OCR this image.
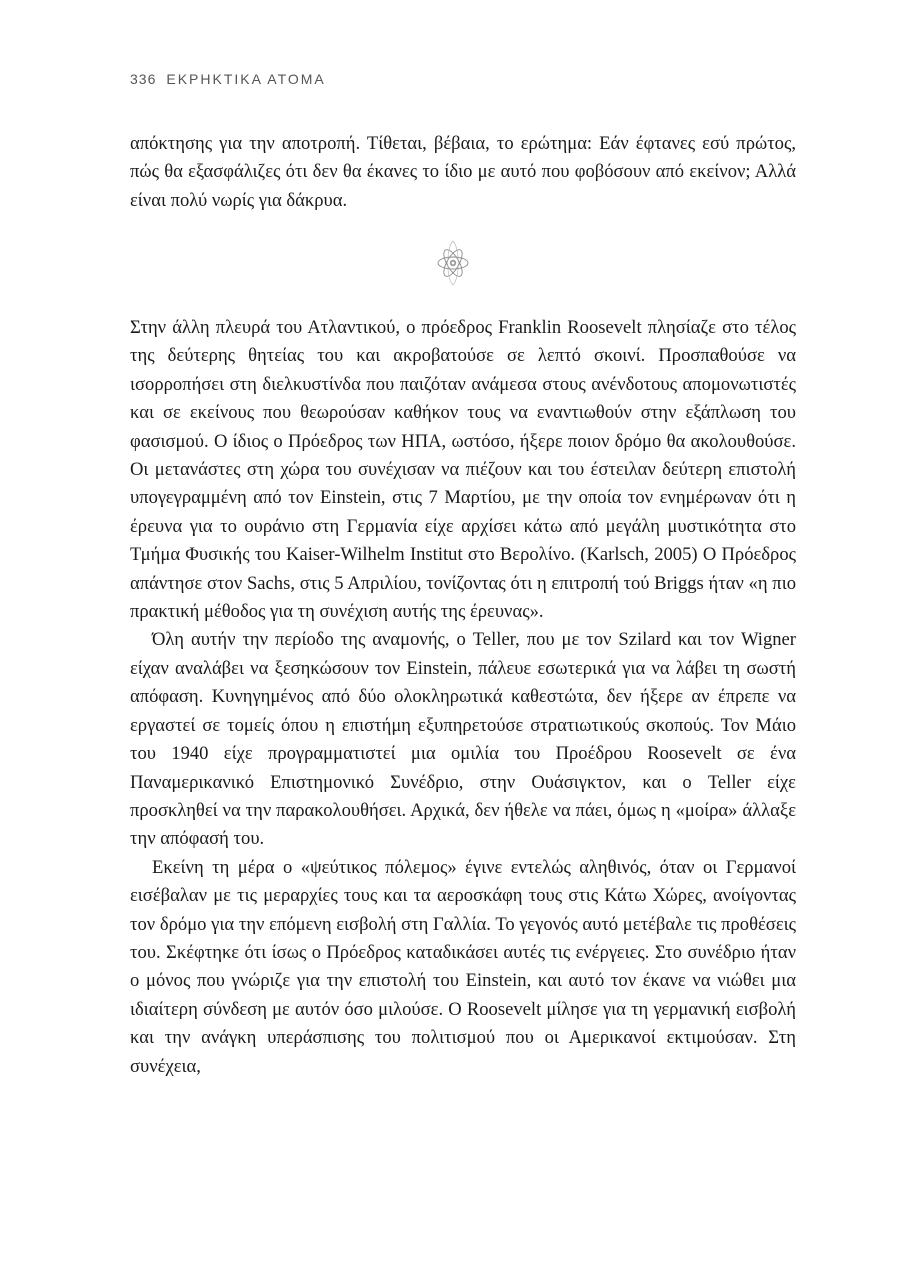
336 ΕΚΡΗΚΤΙΚΑ ΑΤΟΜΑ

απόκτησης για την αποτροπή. Τίθεται, βέβαια, το ερώτημα: Εάν έφτανες εσύ πρώτος, πώς θα εξασφάλιζες ότι δεν θα έκανες το ίδιο με αυτό που φοβόσουν από εκείνον; Αλλά είναι πολύ νωρίς για δάκρυα.

Στην άλλη πλευρά του Ατλαντικού, ο πρόεδρος Franklin Roosevelt πλησίαζε στο τέλος της δεύτερης θητείας του και ακροβατούσε σε λεπτό σκοινί. Προσπαθούσε να ισορροπήσει στη διελκυστίνδα που παιζόταν ανάμεσα στους ανένδοτους απομονωτιστές και σε εκείνους που θεωρούσαν καθήκον τους να εναντιωθούν στην εξάπλωση του φασισμού. Ο ίδιος ο Πρόεδρος των ΗΠΑ, ωστόσο, ήξερε ποιον δρόμο θα ακολουθούσε. Οι μετανάστες στη χώρα του συνέχισαν να πιέζουν και του έστειλαν δεύτερη επιστολή υπογεγραμμένη από τον Einstein, στις 7 Μαρτίου, με την οποία τον ενημέρωναν ότι η έρευνα για το ουράνιο στη Γερμανία είχε αρχίσει κάτω από μεγάλη μυστικότητα στο Τμήμα Φυσικής του Kaiser-Wilhelm Institut στο Βερολίνο. (Karlsch, 2005) Ο Πρόεδρος απάντησε στον Sachs, στις 5 Απριλίου, τονίζοντας ότι η επιτροπή τού Briggs ήταν «η πιο πρακτική μέθοδος για τη συνέχιση αυτής της έρευνας».

Όλη αυτήν την περίοδο της αναμονής, ο Teller, που με τον Szilard και τον Wigner είχαν αναλάβει να ξεσηκώσουν τον Einstein, πάλευε εσωτερικά για να λάβει τη σωστή απόφαση. Κυνηγημένος από δύο ολοκληρωτικά καθεστώτα, δεν ήξερε αν έπρεπε να εργαστεί σε τομείς όπου η επιστήμη εξυπηρετούσε στρατιωτικούς σκοπούς. Τον Μάιο του 1940 είχε προγραμματιστεί μια ομιλία του Προέδρου Roosevelt σε ένα Παναμερικανικό Επιστημονικό Συνέδριο, στην Ουάσιγκτον, και ο Teller είχε προσκληθεί να την παρακολουθήσει. Αρχικά, δεν ήθελε να πάει, όμως η «μοίρα» άλλαξε την απόφασή του.

Εκείνη τη μέρα ο «ψεύτικος πόλεμος» έγινε εντελώς αληθινός, όταν οι Γερμανοί εισέβαλαν με τις μεραρχίες τους και τα αεροσκάφη τους στις Κάτω Χώρες, ανοίγοντας τον δρόμο για την επόμενη εισβολή στη Γαλλία. Το γεγονός αυτό μετέβαλε τις προθέσεις του. Σκέφτηκε ότι ίσως ο Πρόεδρος καταδικάσει αυτές τις ενέργειες. Στο συνέδριο ήταν ο μόνος που γνώριζε για την επιστολή του Einstein, και αυτό τον έκανε να νιώθει μια ιδιαίτερη σύνδεση με αυτόν όσο μιλούσε. Ο Roosevelt μίλησε για τη γερμανική εισβολή και την ανάγκη υπεράσπισης του πολιτισμού που οι Αμερικανοί εκτιμούσαν. Στη συνέχεια,
